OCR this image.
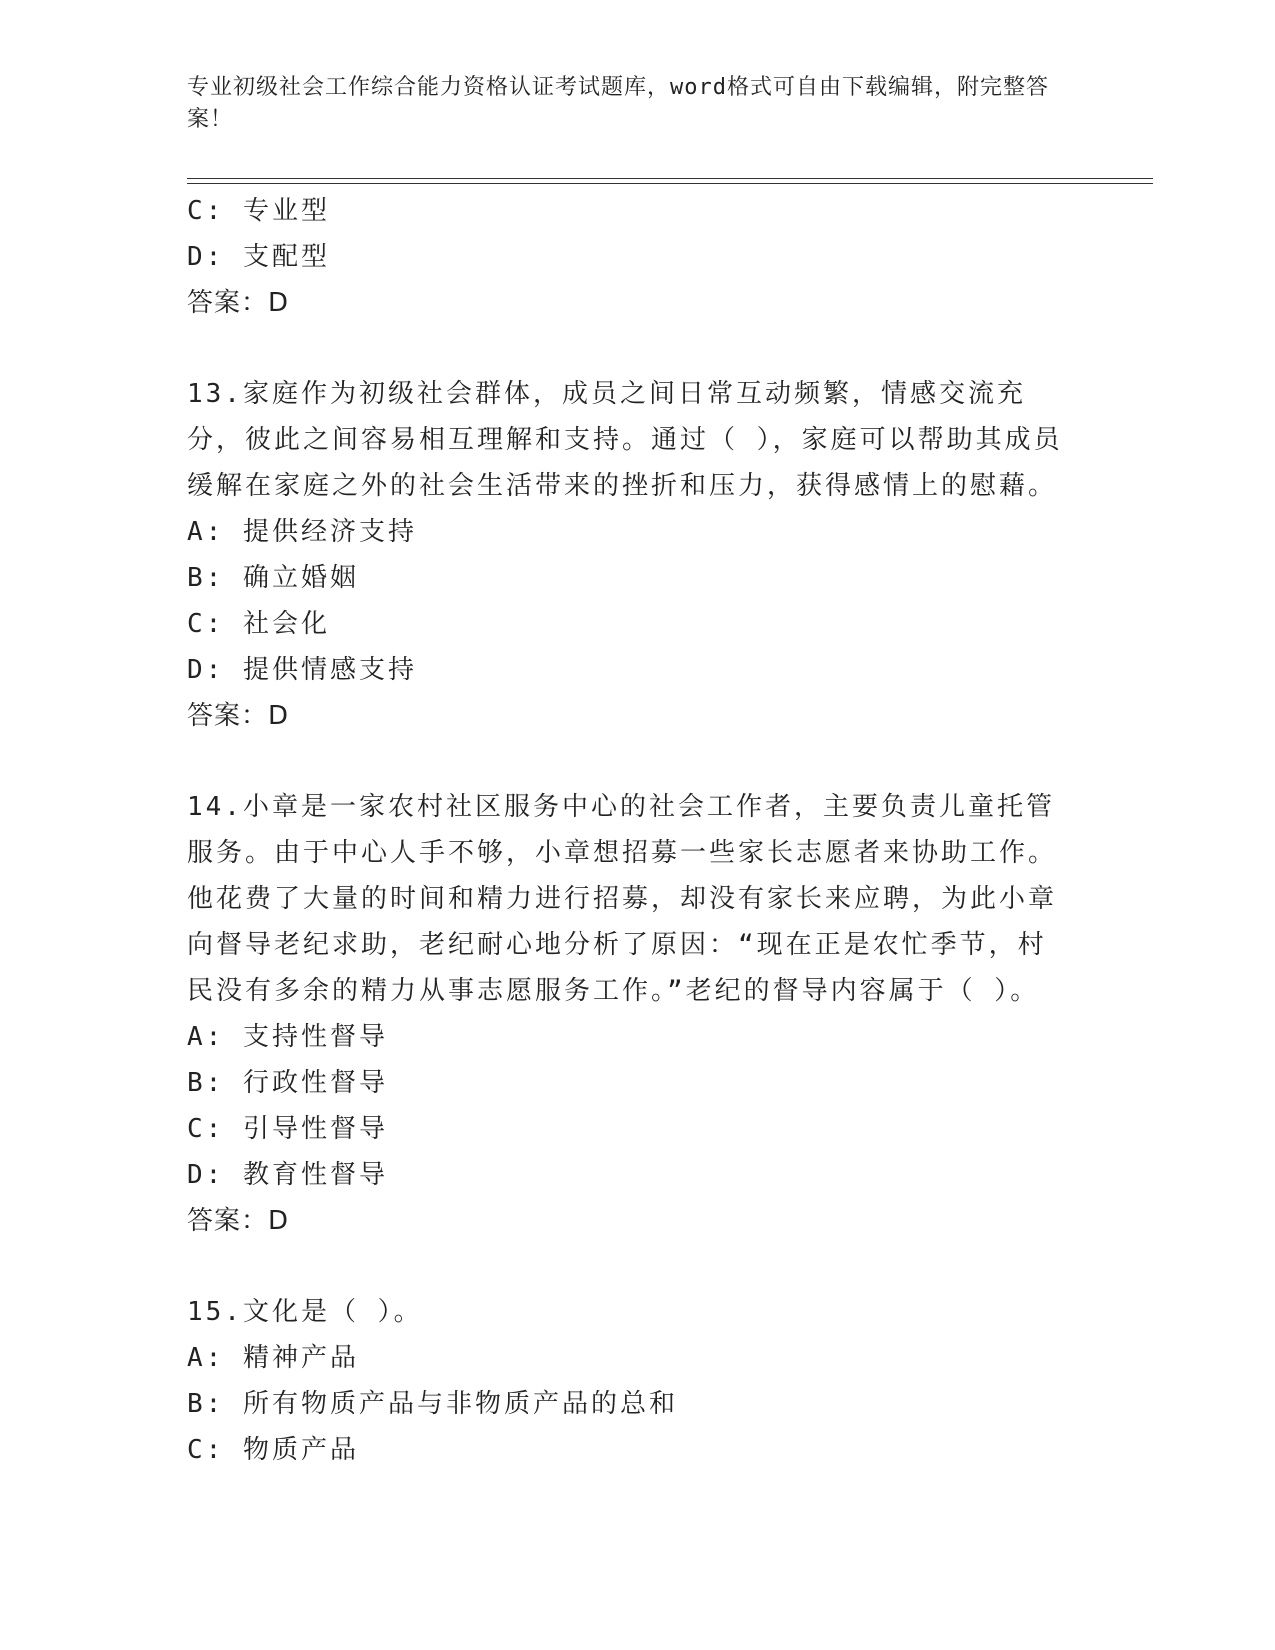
专业初级社会工作综合能力资格认证考试题库，word格式可自由下载编辑，附完整答案！
C: 专业型
D: 支配型
答案：D
13.家庭作为初级社会群体，成员之间日常互动频繁，情感交流充分，彼此之间容易相互理解和支持。通过（ ），家庭可以帮助其成员缓解在家庭之外的社会生活带来的挫折和压力，获得感情上的慰藉。
A: 提供经济支持
B: 确立婚姻
C: 社会化
D: 提供情感支持
答案：D
14.小章是一家农村社区服务中心的社会工作者，主要负责儿童托管服务。由于中心人手不够，小章想招募一些家长志愿者来协助工作。他花费了大量的时间和精力进行招募，却没有家长来应聘，为此小章向督导老纪求助，老纪耐心地分析了原因：“现在正是农忙季节，村民没有多余的精力从事志愿服务工作。”老纪的督导内容属于（ ）。
A: 支持性督导
B: 行政性督导
C: 引导性督导
D: 教育性督导
答案：D
15.文化是（ ）。
A: 精神产品
B: 所有物质产品与非物质产品的总和
C: 物质产品
